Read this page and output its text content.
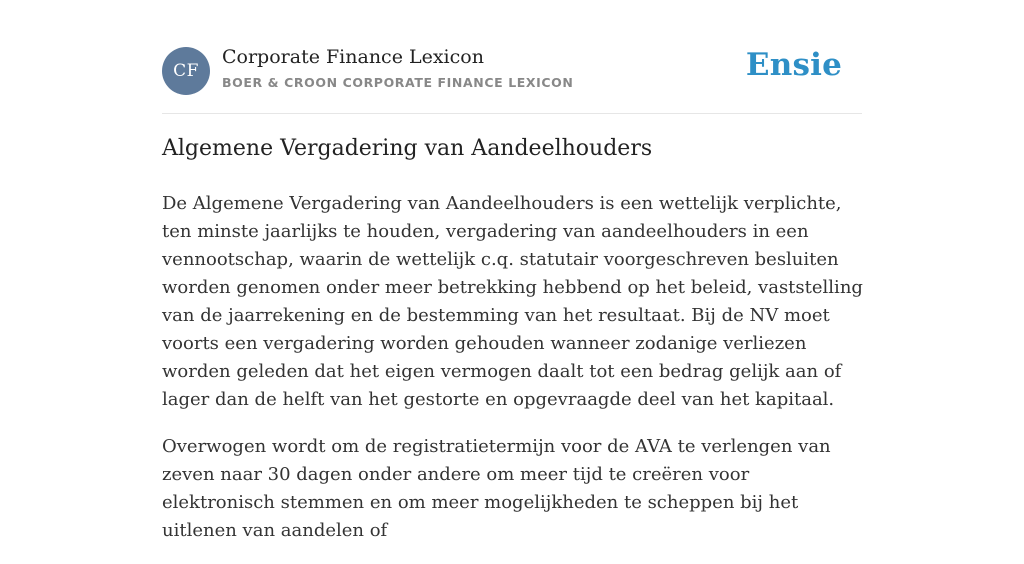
CF
Corporate Finance Lexicon
BOER & CROON CORPORATE FINANCE LEXICON	Ensie
Algemene Vergadering van Aandeelhouders

De Algemene Vergadering van Aandeelhouders is een wettelijk verplichte, ten minste jaarlijks te houden, vergadering van aandeelhouders in een vennootschap, waarin de wettelijk c.q. statutair voorgeschreven besluiten worden genomen onder meer betrekking hebbend op het beleid, vaststelling van de jaarrekening en de bestemming van het resultaat. Bij de NV moet voorts een vergadering worden gehouden wanneer zodanige verliezen worden geleden dat het eigen vermogen daalt tot een bedrag gelijk aan of lager dan de helft van het gestorte en opgevraagde deel van het kapitaal.

Overwogen wordt om de registratietermijn voor de AVA te verlengen van zeven naar 30 dagen onder andere om meer tijd te creëren voor elektronisch stemmen en om meer mogelijkheden te scheppen bij het uitlenen van aandelen of
